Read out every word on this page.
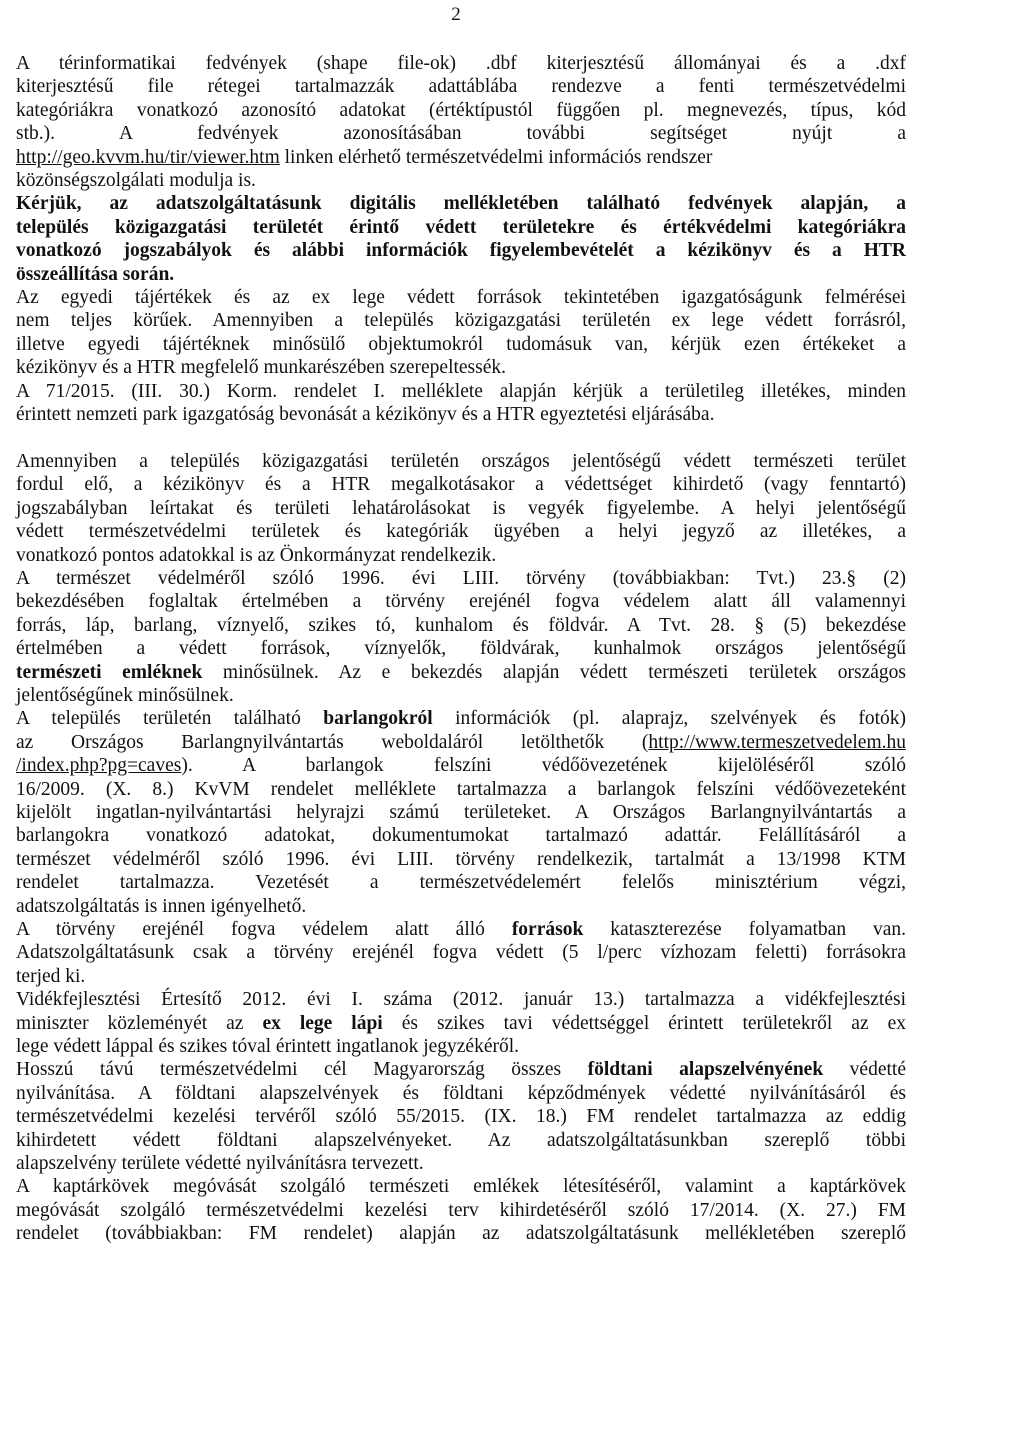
2
A térinformatikai fedvények (shape file-ok) .dbf kiterjesztésű állományai és a .dxf
kiterjesztésű file rétegei tartalmazzák adattáblába rendezve a fenti természetvédelmi
kategóriákra vonatkozó azonosító adatokat (értéktípustól függően pl. megnevezés, típus, kód
stb.). A fedvények azonosításában további segítséget nyújt a
http://geo.kvvm.hu/tir/viewer.htm linken elérhető természetvédelmi információs rendszer
közönségszolgálati modulja is.
Kérjük, az adatszolgáltatásunk digitális mellékletében található fedvények alapján, a
település közigazgatási területét érintő védett területekre és értékvédelmi kategóriákra
vonatkozó jogszabályok és alábbi információk figyelembevételét a kézikönyv és a HTR
összeállítása során.
Az egyedi tájértékek és az ex lege védett források tekintetében igazgatóságunk felmérései
nem teljes körűek. Amennyiben a település közigazgatási területén ex lege védett forrásról,
illetve egyedi tájértéknek minősülő objektumokról tudomásuk van, kérjük ezen értékeket a
kézikönyv és a HTR megfelelő munkarészében szerepeltessék.
A 71/2015. (III. 30.) Korm. rendelet I. melléklete alapján kérjük a területileg illetékes, minden
érintett nemzeti park igazgatóság bevonását a kézikönyv és a HTR egyeztetési eljárásába.
Amennyiben a település közigazgatási területén országos jelentőségű védett természeti terület
fordul elő, a kézikönyv és a HTR megalkotásakor a védettséget kihirdető (vagy fenntartó)
jogszabályban leírtakat és területi lehatárolásokat is vegyék figyelembe. A helyi jelentőségű
védett természetvédelmi területek és kategóriák ügyében a helyi jegyző az illetékes, a
vonatkozó pontos adatokkal is az Önkormányzat rendelkezik.
A természet védelméről szóló 1996. évi LIII. törvény (továbbiakban: Tvt.) 23.§ (2)
bekezdésében foglaltak értelmében a törvény erejénél fogva védelem alatt áll valamennyi
forrás, láp, barlang, víznyelő, szikes tó, kunhalom és földvár. A Tvt. 28. § (5) bekezdése
értelmében a védett források, víznyelők, földvárak, kunhalmok országos jelentőségű
természeti emléknek minősülnek. Az e bekezdés alapján védett természeti területek országos
jelentőségűnek minősülnek.
A település területén található barlangokról információk (pl. alaprajz, szelvények és fotók)
az Országos Barlangnyilvántartás weboldaláról letölthetők (http://www.termeszetvedelem.hu
/index.php?pg=caves). A barlangok felszíni védőövezetének kijelöléséről szóló
16/2009. (X. 8.) KvVM rendelet melléklete tartalmazza a barlangok felszíni védőövezeteként
kijelölt ingatlan-nyilvántartási helyrajzi számú területeket. A Országos Barlangnyilvántartás a
barlangokra vonatkozó adatokat, dokumentumokat tartalmazó adattár. Felállításáról a
természet védelméről szóló 1996. évi LIII. törvény rendelkezik, tartalmát a 13/1998 KTM
rendelet tartalmazza. Vezetését a természetvédelemért felelős minisztérium végzi,
adatszolgáltatás is innen igényelhető.
A törvény erejénél fogva védelem alatt álló források kataszterezése folyamatban van.
Adatszolgáltatásunk csak a törvény erejénél fogva védett (5 l/perc vízhozam feletti) forrásokra
terjed ki.
Vidékfejlesztési Értesítő 2012. évi I. száma (2012. január 13.) tartalmazza a vidékfejlesztési
miniszter közleményét az ex lege lápi és szikes tavi védettséggel érintett területekről az ex
lege védett láppal és szikes tóval érintett ingatlanok jegyzékéről.
Hosszú távú természetvédelmi cél Magyarország összes földtani alapszelvényének védetté
nyilvánítása. A földtani alapszelvények és földtani képződmények védetté nyilvánításáról és
természetvédelmi kezelési tervéről szóló 55/2015. (IX. 18.) FM rendelet tartalmazza az eddig
kihirdetett védett földtani alapszelvényeket. Az adatszolgáltatásunkban szereplő többi
alapszelvény területe védetté nyilvánításra tervezett.
A kaptárkövek megóvását szolgáló természeti emlékek létesítéséről, valamint a kaptárkövek
megóvását szolgáló természetvédelmi kezelési terv kihirdetéséről szóló 17/2014. (X. 27.) FM
rendelet (továbbiakban: FM rendelet) alapján az adatszolgáltatásunk mellékletében szereplő
